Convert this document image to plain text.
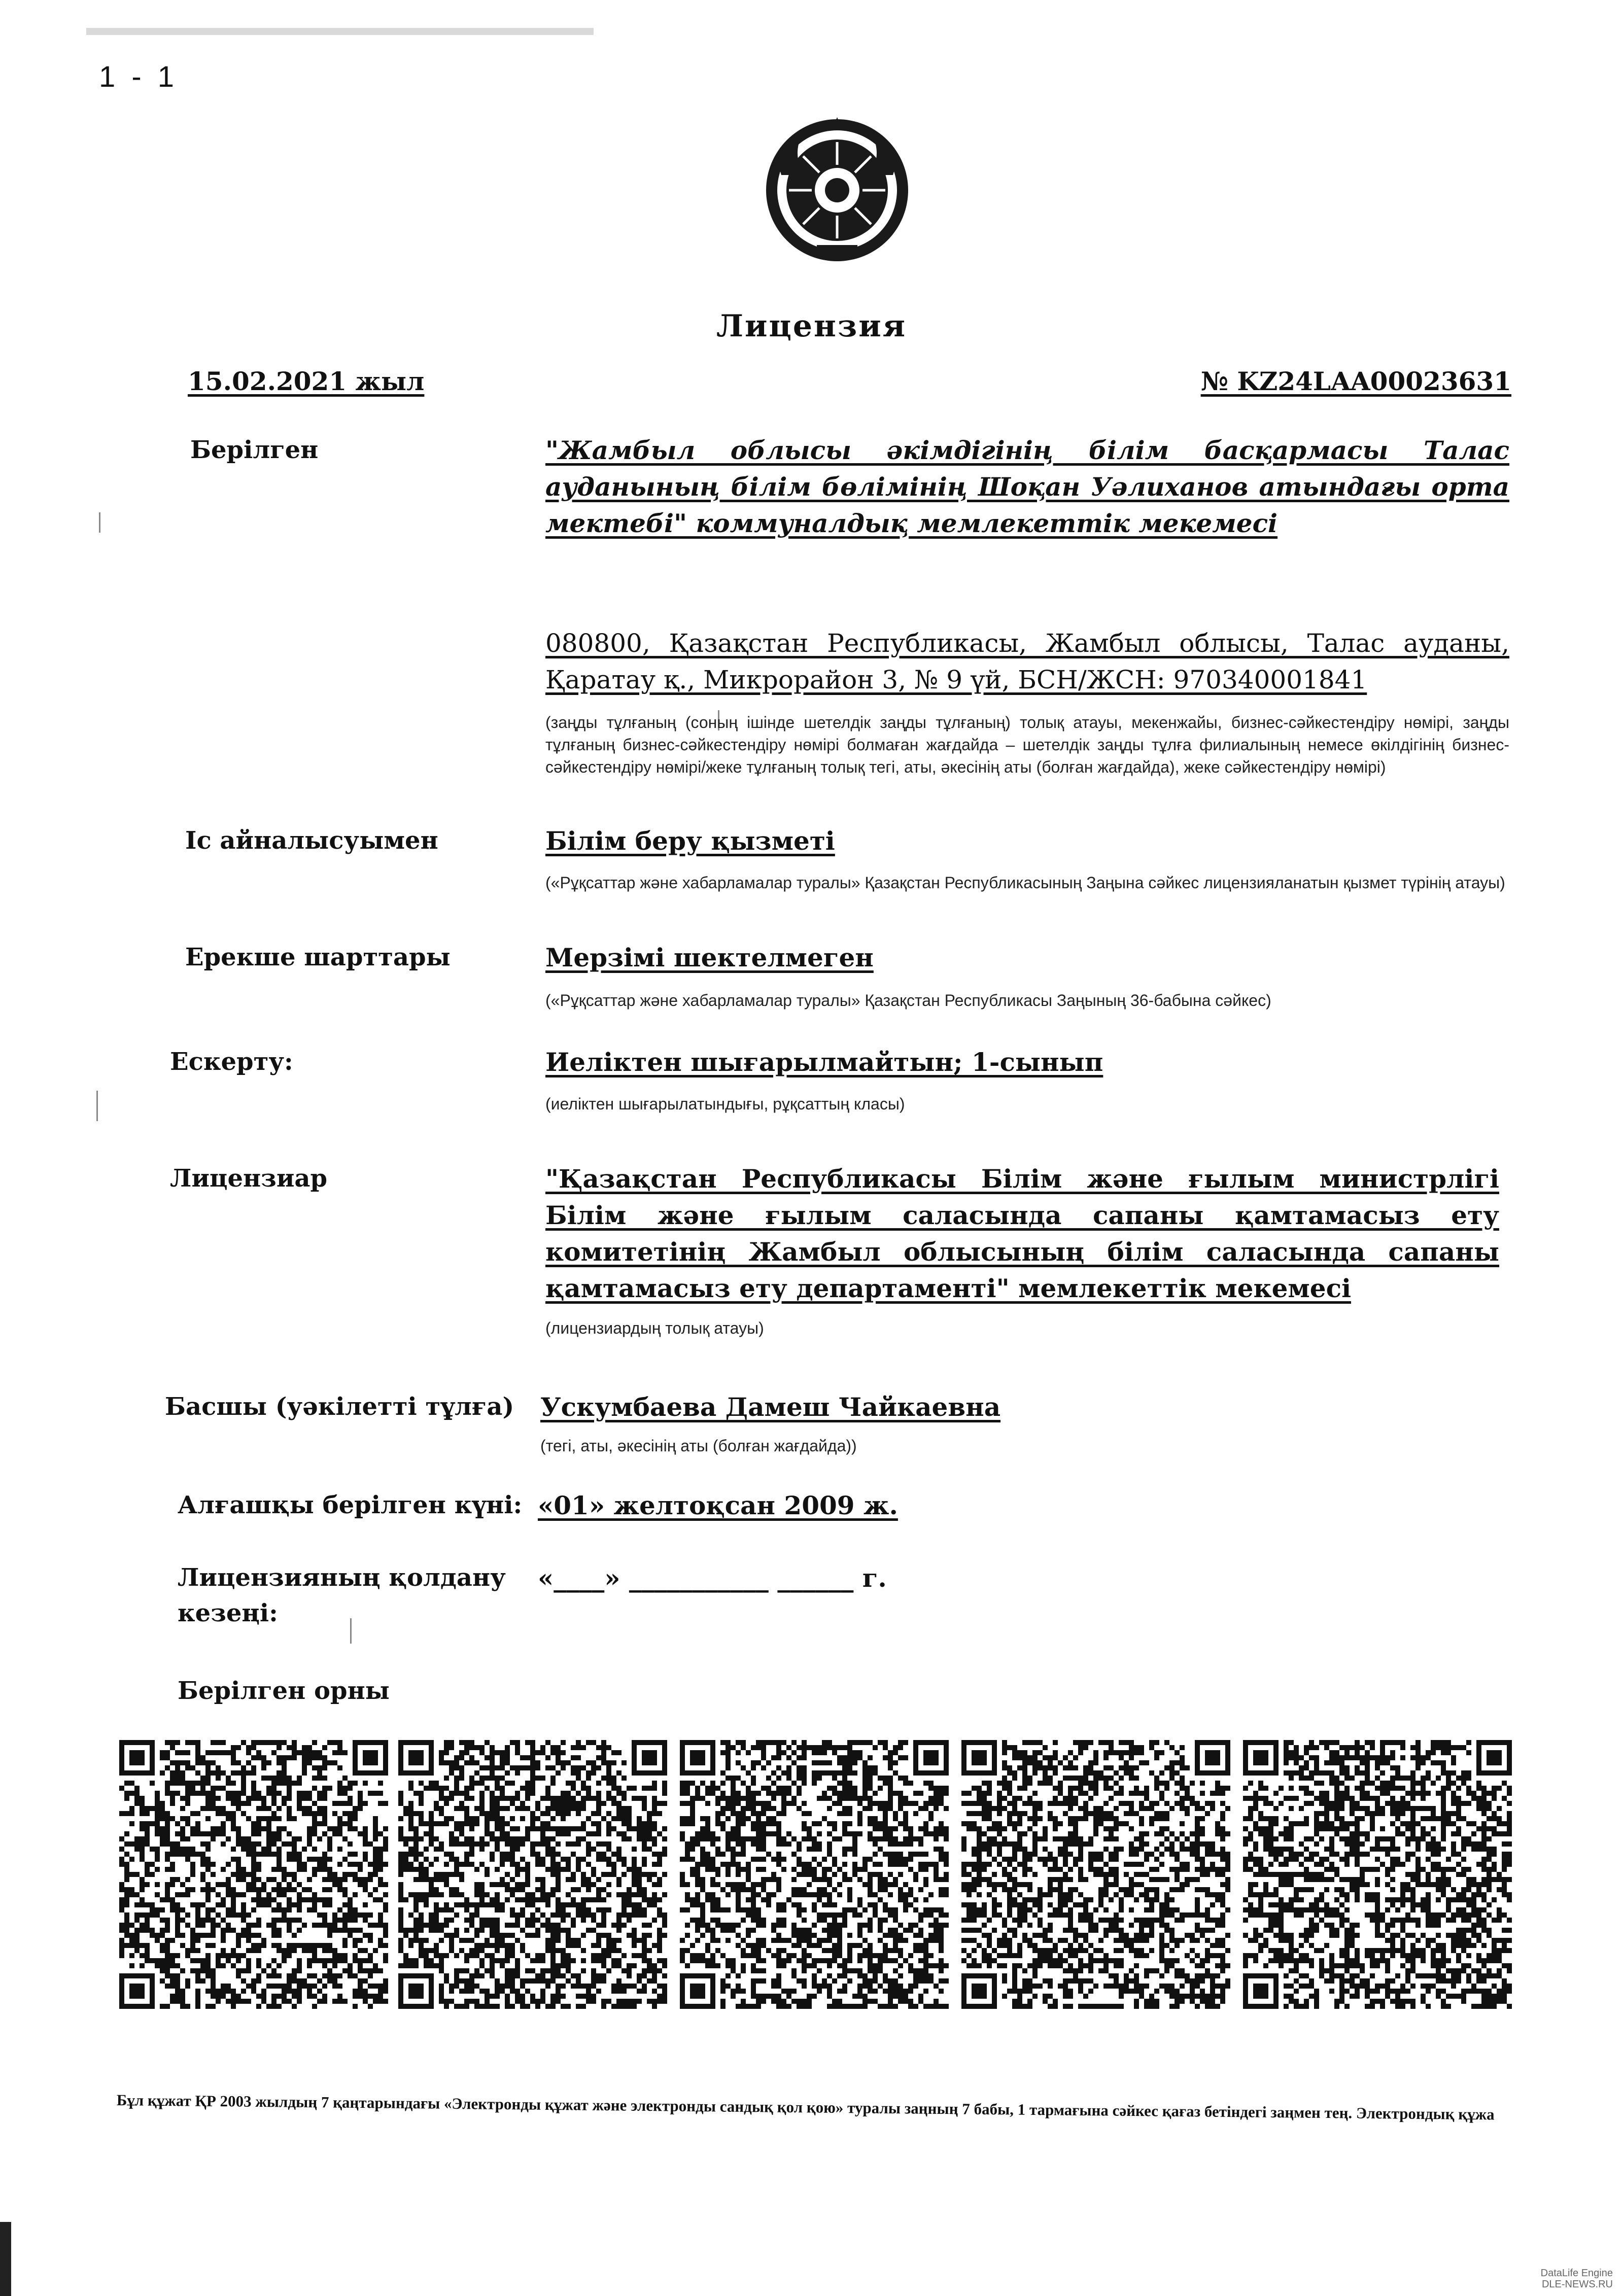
1 - 1
Лицензия
15.02.2021 жыл	№ KZ24LAA00023631
Берілген	"Жамбыл облысы әкімдігінің білім басқармасы Талас ауданының білім бөлімінің Шоқан Уәлиханов атындағы орта мектебі" коммуналдық мемлекеттік мекемесі
080800, Қазақстан Республикасы, Жамбыл облысы, Талас ауданы, Қаратау қ., Микрорайон 3, № 9 үй, БСН/ЖСН: 970340001841
(заңды тұлғаның (соның ішінде шетелдік заңды тұлғаның) толық атауы, мекенжайы, бизнес-сәйкестендіру нөмірі, заңды тұлғаның бизнес-сәйкестендіру нөмірі болмаған жағдайда – шетелдік заңды тұлға филиалының немесе өкілдігінің бизнес-сәйкестендіру нөмірі/жеке тұлғаның толық тегі, аты, әкесінің аты (болған жағдайда), жеке сәйкестендіру нөмірі)
Іс айналысуымен	Білім беру қызметі
(«Рұқсаттар және хабарламалар туралы» Қазақстан Республикасының Заңына сәйкес лицензияланатын қызмет түрінің атауы)
Ерекше шарттары	Мерзімі шектелмеген
(«Рұқсаттар және хабарламалар туралы» Қазақстан Республикасы Заңының 36-бабына сәйкес)
Ескерту:	Иеліктен шығарылмайтын; 1-сынып
(иеліктен шығарылатындығы, рұқсаттың класы)
Лицензиар	"Қазақстан Республикасы Білім және ғылым министрлігі Білім және ғылым саласында сапаны қамтамасыз ету комитетінің Жамбыл облысының білім саласында сапаны қамтамасыз ету департаменті" мемлекеттік мекемесі
(лицензиардың толық атауы)
Басшы (уәкілетті тұлға) Ускумбаева Дамеш Чайкаевна
(тегі, аты, әкесінің аты (болған жағдайда))
Алғашқы берілген күні: «01» желтоқсан 2009 ж.
Лицензияның қолдану кезеңі:
«____» ___________ ______ г.
Берілген орны
Бұл құжат ҚР 2003 жылдың 7 қаңтарындағы «Электронды құжат және электронды сандық қол қою» туралы заңның 7 бабы, 1 тармағына сәйкес қағаз бетіндегі заңмен тең. Электрондық құжа
DataLife Engine
DLE-NEWS.RU
